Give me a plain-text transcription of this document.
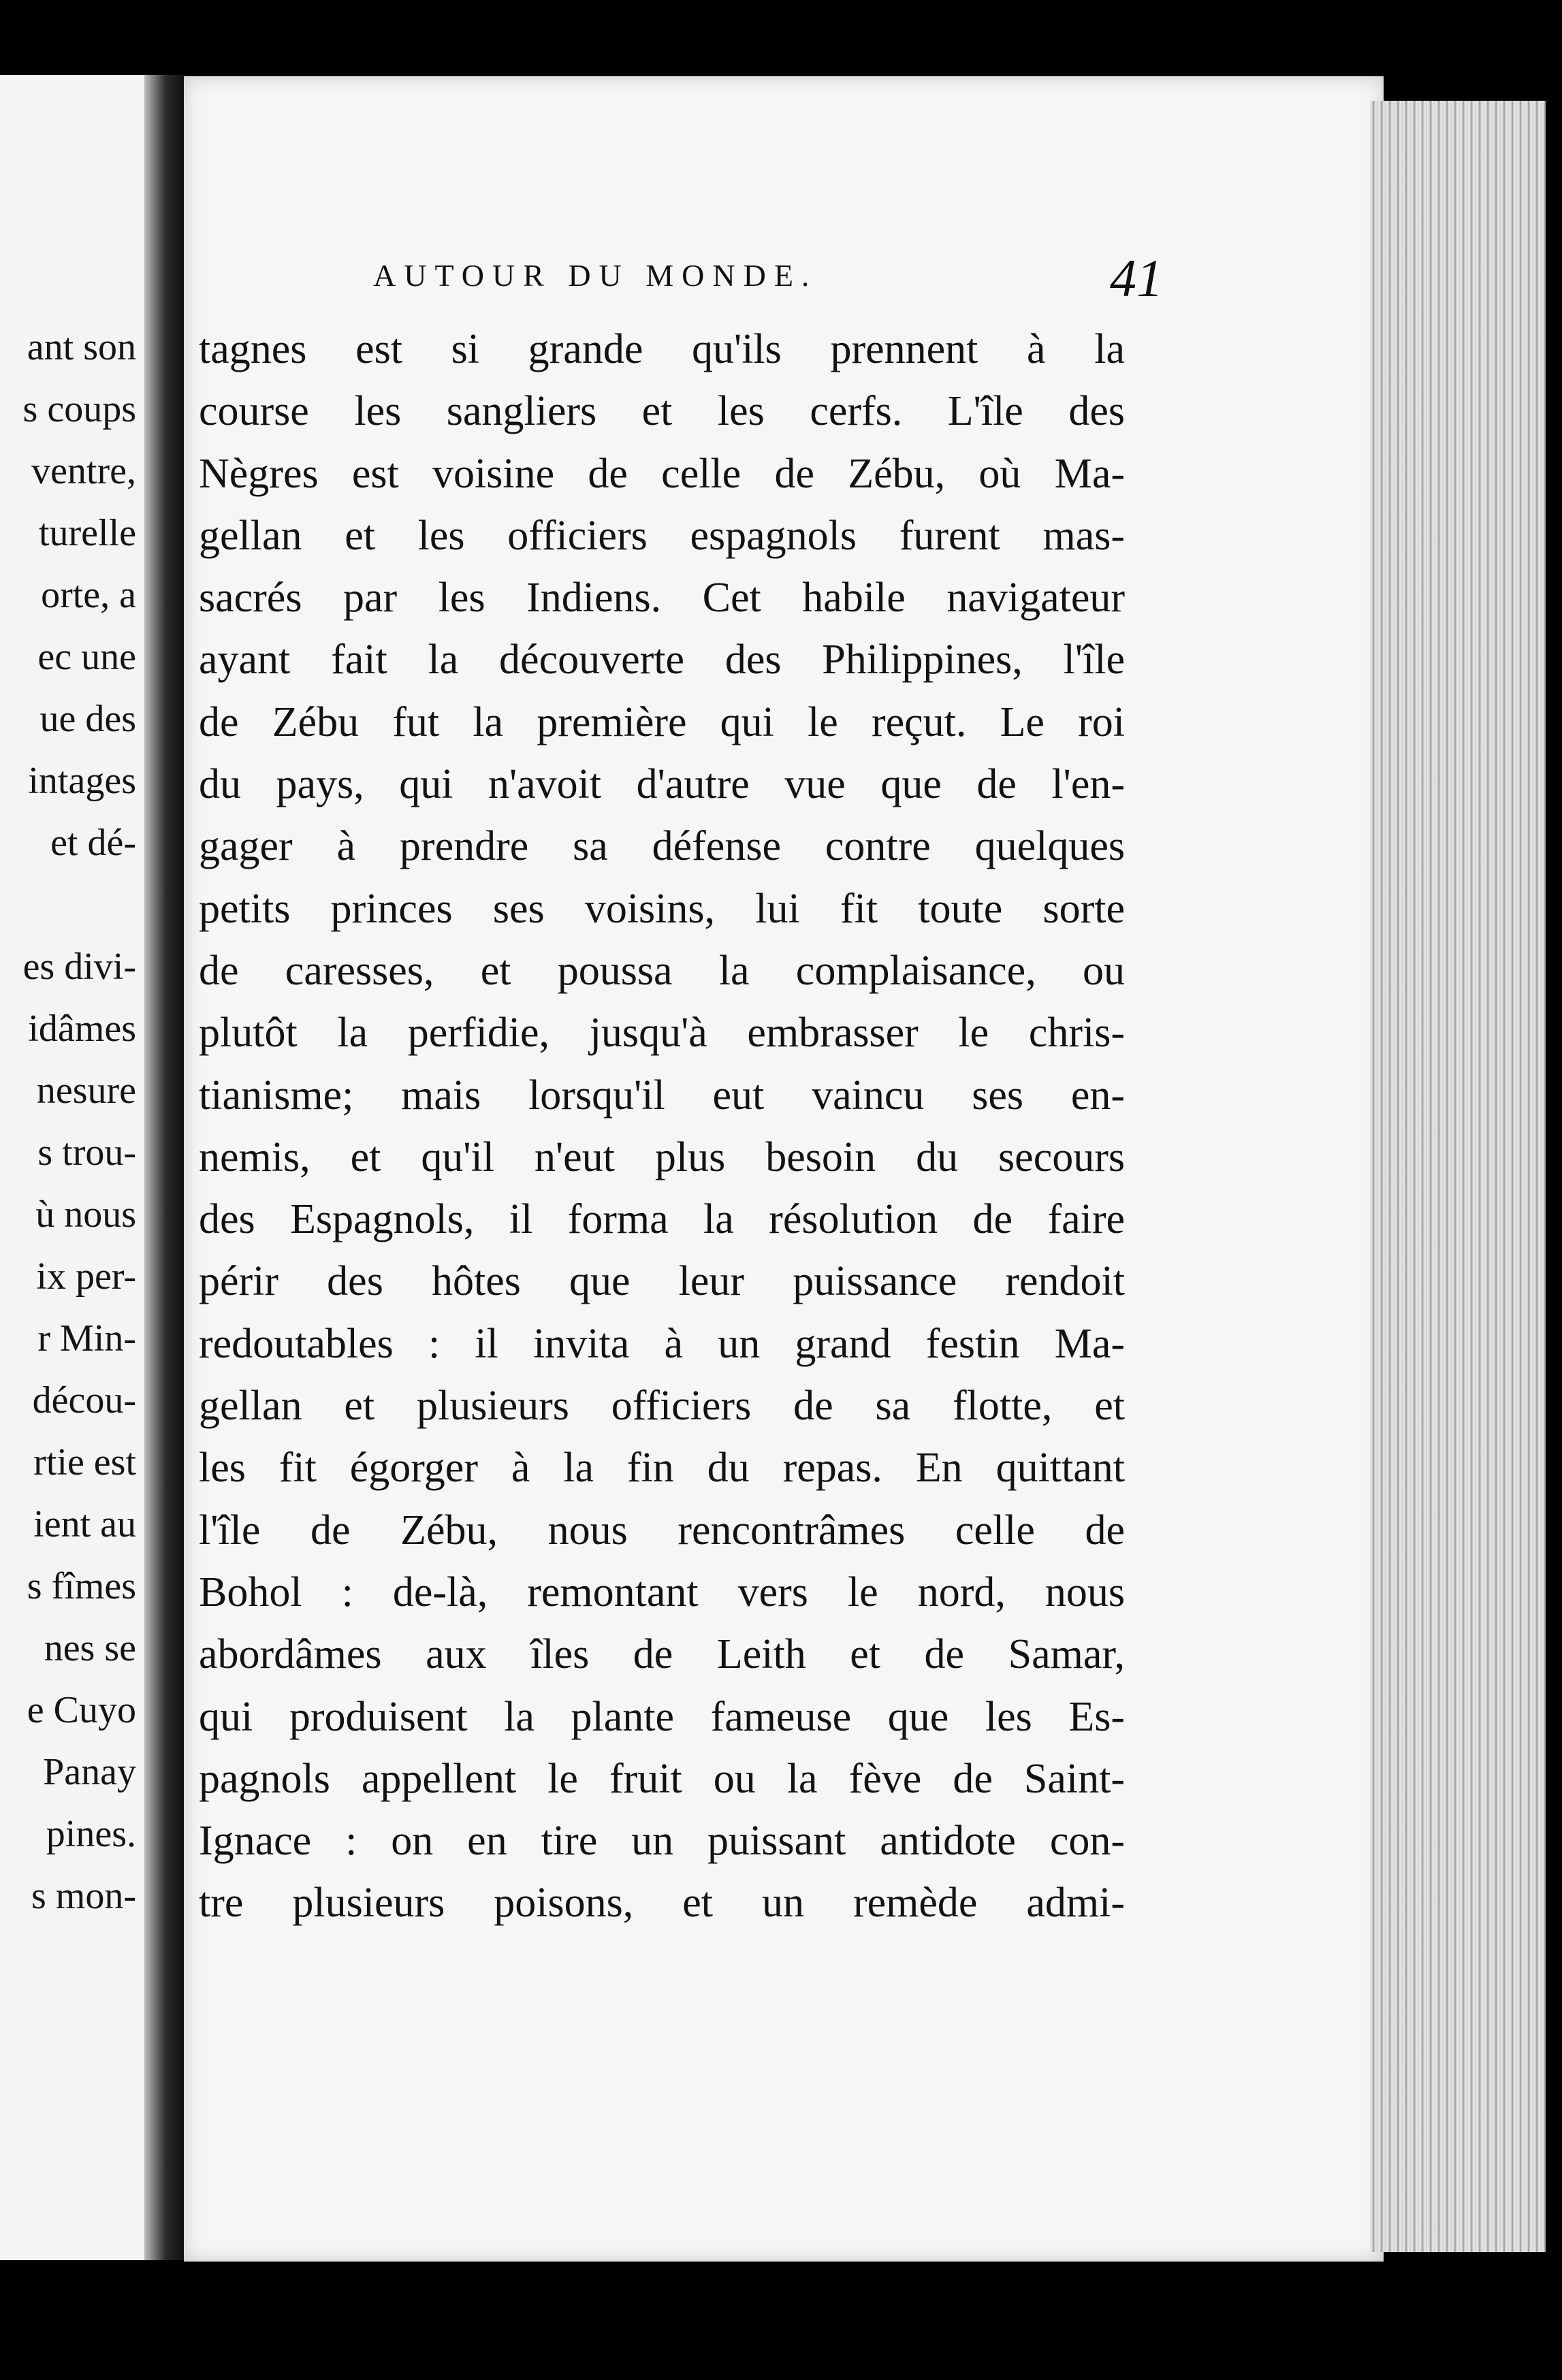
ant son
s coups
ventre,
turelle
orte, a
ec une
ue des
intages
et dé-
es divi-
idâmes
nesure
s trou-
ù nous
ix per-
r Min-
décou-
rtie est
ient au
s fîmes
nes se
e Cuyo
Panay
pines.
s mon-
AUTOUR DU MONDE.	41
tagnes est si grande qu'ils prennent à la
course les sangliers et les cerfs. L'île des
Nègres est voisine de celle de Zébu, où Ma-
gellan et les officiers espagnols furent mas-
sacrés par les Indiens. Cet habile navigateur
ayant fait la découverte des Philippines, l'île
de Zébu fut la première qui le reçut. Le roi
du pays, qui n'avoit d'autre vue que de l'en-
gager à prendre sa défense contre quelques
petits princes ses voisins, lui fit toute sorte
de caresses, et poussa la complaisance, ou
plutôt la perfidie, jusqu'à embrasser le chris-
tianisme; mais lorsqu'il eut vaincu ses en-
nemis, et qu'il n'eut plus besoin du secours
des Espagnols, il forma la résolution de faire
périr des hôtes que leur puissance rendoit
redoutables : il invita à un grand festin Ma-
gellan et plusieurs officiers de sa flotte, et
les fit égorger à la fin du repas. En quittant
l'île de Zébu, nous rencontrâmes celle de
Bohol : de-là, remontant vers le nord, nous
abordâmes aux îles de Leith et de Samar,
qui produisent la plante fameuse que les Es-
pagnols appellent le fruit ou la fève de Saint-
Ignace : on en tire un puissant antidote con-
tre plusieurs poisons, et un remède admi-
